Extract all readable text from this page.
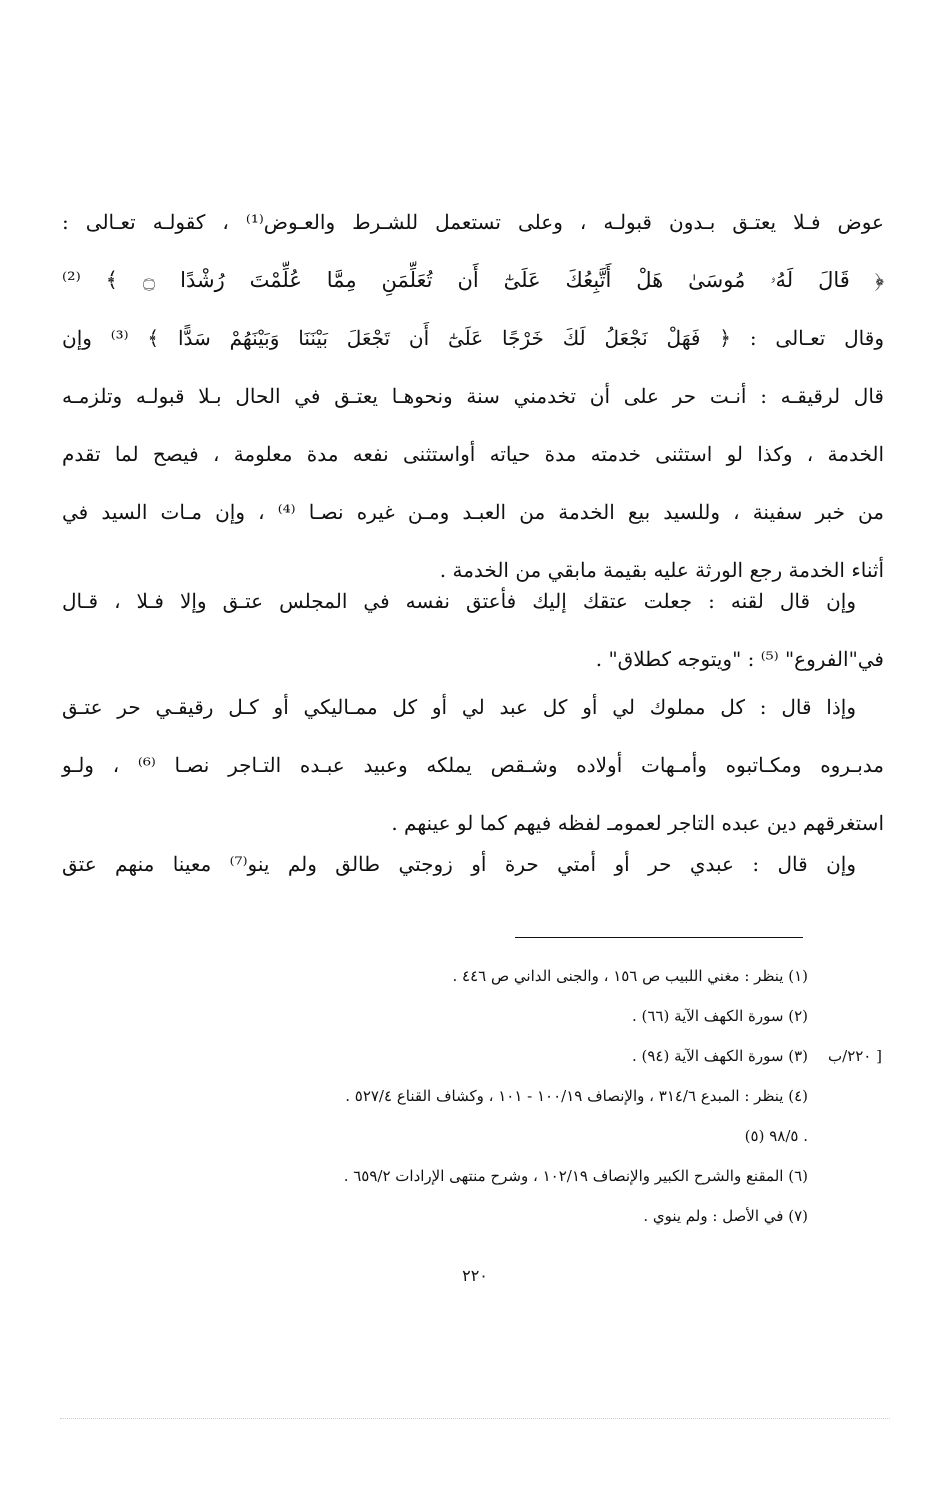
عوض فـلا يعتـق بـدون قبولـه ، وعلى تستعمل للشـرط والعـوض⁽¹⁾ ، كقولـه تعـالى :
﴿ قَالَ لَهُۥ مُوسَىٰ هَلْ أَتَّبِعُكَ عَلَىٰٓ أَن تُعَلِّمَنِ مِمَّا عُلِّمْتَ رُشْدًا ۝ ﴾ ⁽²⁾
وقال تعـالى : ﴿ فَهَلْ نَجْعَلُ لَكَ خَرْجًا عَلَىٰٓ أَن تَجْعَلَ بَيْنَنَا وَبَيْنَهُمْ سَدًّا ﴾ ⁽³⁾ وإن
قال لرقيقـه : أنـت حر على أن تخدمني سنة ونحوهـا يعتـق في الحال بـلا قبولـه وتلزمـه
الخدمة ، وكذا لو استثنى خدمته مدة حياته أواستثنى نفعه مدة معلومة ، فيصح لما تقدم
من خبر سفينة ، وللسيد بيع الخدمة من العبـد ومـن غيره نصـا ⁽⁴⁾ ، وإن مـات السيد في
أثناء الخدمة رجع الورثة عليه بقيمة مابقي من الخدمة .
وإن قال لقنه : جعلت عتقك إليك فأعتق نفسه في المجلس عتـق وإلا فـلا ، قـال
في"الفروع" ⁽⁵⁾ : "ويتوجه كطلاق" .
وإذا قال : كل مملوك لي أو كل عبد لي أو كل ممـاليكي أو كـل رقيقـي حر عتـق
مدبـروه ومكـاتبوه وأمـهات أولاده وشـقص يملكه وعبيد عبـده التـاجر نصـا ⁽⁶⁾ ، ولـو
استغرقهم دين عبده التاجر لعمومـ لفظه فيهم كما لو عينهم .
وإن قال : عبدي حر أو أمتي حرة أو زوجتي طالق ولم ينو⁽⁷⁾ معينا منهم عتق
(١) ينظر : مغني اللبيب ص ١٥٦ ، والجنى الداني ص ٤٤٦ .
(٢) سورة الكهف الآية (٦٦) .
(٣) سورة الكهف الآية (٩٤) .
(٤) ينظر : المبدع ٣١٤/٦ ، والإنصاف ١٠٠/١٩ - ١٠١ ، وكشاف القناع ٥٢٧/٤ .
(٥) ٩٨/٥ .
(٦) المقنع والشرح الكبير والإنصاف ١٠٢/١٩ ، وشرح منتهى الإرادات ٦٥٩/٢ .
(٧) في الأصل : ولم ينوي .
[ ٢٢٠/ب
٢٢٠
